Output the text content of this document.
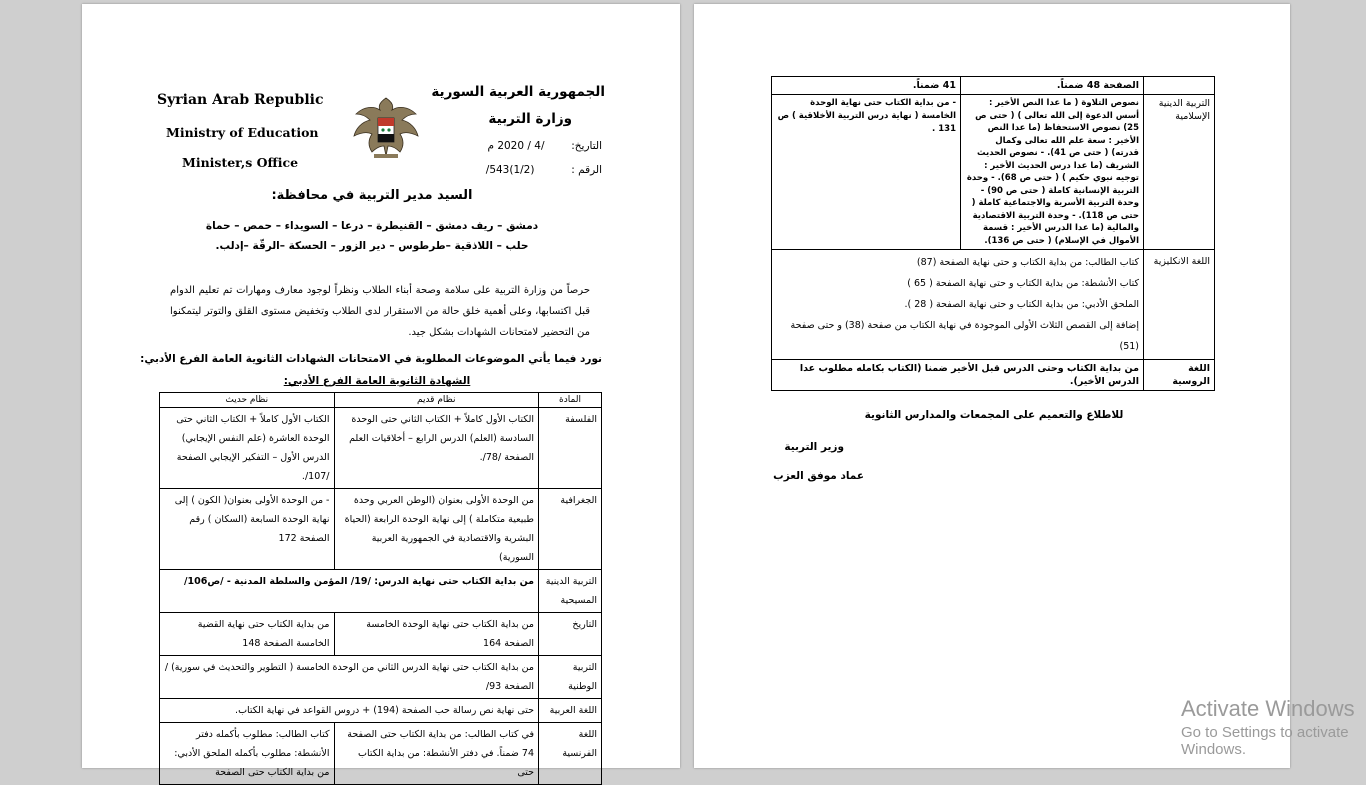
Syrian Arab Republic
Ministry of Education
Minister,s Office
الجمهورية العربية السورية
وزارة التربية
التاريخ:        /4 / 2020 م
الرقم :           (1/2)543/
السيد مدير التربية في محافظة:
دمشق – ريف دمشق – القنيطرة – درعا – السويداء – حمص – حماة
حلب – اللاذقية –طرطوس – دير الزور – الحسكة –الرقّة –إدلب.
حرصاً من وزارة التربية على سلامة وصحة أبناء الطلاب ونظراً لوجود معارف ومهارات تم تعليم الدوام قبل اكتسابها، وعلى أهمية خلق حالة من الاستقرار لدى الطلاب وتخفيض مستوى القلق والتوتر ليتمكنوا من التحضير لامتحانات الشهادات بشكل جيد.
نورد فيما يأتي الموضوعات المطلوبة في الامتحانات الشهادات الثانوية العامة الفرع الأدبي:
الشهادة الثانوية العامة الفرع الأدبي:
المادة	نظام قديم	نظام حديث
الفلسفة	الكتاب الأول كاملاً + الكتاب الثاني حتى الوحدة السادسة (العلم) الدرس الرابع – أخلاقيات العلم الصفحة /78/.	الكتاب الأول كاملاً + الكتاب الثاني حتى الوحدة العاشرة (علم النفس الإيجابي) الدرس الأول – التفكير الإيجابي الصفحة /107/.
الجغرافية	من الوحدة الأولى بعنوان (الوطن العربي وحدة طبيعية متكاملة ) إلى نهاية الوحدة الرابعة (الحياة البشرية والاقتصادية في الجمهورية العربية السورية)	- من الوحدة الأولى بعنوان( الكون ) إلى نهاية الوحدة السابعة (السكان ) رقم الصفحة 172
التربية الدينية المسيحية	من بداية الكتاب حتى نهاية الدرس: /19/ المؤمن والسلطة المدنية - /ص106/	
التاريخ	من بداية الكتاب حتى نهاية الوحدة الخامسة الصفحة 164	من بداية الكتاب حتى نهاية القضية الخامسة الصفحة 148
التربية الوطنية	من بداية الكتاب حتى نهاية الدرس الثاني من الوحدة الخامسة ( التطوير والتحديث في سورية) /الصفحة 93/	
اللغة العربية	حتى نهاية نص رسالة حب الصفحة (194) + دروس القواعد في نهاية الكتاب.	
اللغة الفرنسية	في كتاب الطالب: من بداية الكتاب حتى الصفحة 74 ضمناً. في دفتر الأنشطة: من بداية الكتاب حتى	كتاب الطالب: مطلوب بأكمله دفتر الأنشطة: مطلوب بأكمله الملحق الأدبي: من بداية الكتاب حتى الصفحة
	الصفحة 48 ضمناً.	41 ضمناً.
التربية الدينية الإسلامية	نصوص التلاوة ( ما عدا النص الأخير : أسس الدعوة إلى الله تعالى ) ( حتى ص 25) نصوص الاستحفاظ (ما عدا النص الأخير : سعة علم الله تعالى وكمال قدرته) ( حتى ص 41). - نصوص الحديث الشريف (ما عدا درس الحديث الأخير : توجيه نبوي حكيم ) ( حتى ص 68). - وحدة التربية الإنسانية كاملة ( حتى ص 90) - وحدة التربية الأسرية والاجتماعية كاملة ( حتى ص 118). - وحدة التربية الاقتصادية والمالية (ما عدا الدرس الأخير : قسمة الأموال في الإسلام) ( حتى ص 136).	- من بداية الكتاب حتى نهاية الوحدة الخامسة ( نهاية درس التربية الأخلاقية ) ص 131 .
اللغة الانكليزية	كتاب الطالب: من بداية الكتاب و حتى نهاية الصفحة (87)
كتاب الأنشطة: من بداية الكتاب و حتى نهاية الصفحة ( 65 )
الملحق الأدبي: من بداية الكتاب و حتى نهاية الصفحة ( 28 ).
إضافة إلى القصص الثلاث الأولى الموجودة في نهاية الكتاب من صفحة (38) و حتى صفحة (51)	

اللغة الروسية	من بداية الكتاب وحتى الدرس قبل الأخير ضمنا (الكتاب بكامله مطلوب عدا الدرس الأخير).	
للاطلاع والتعميم على المجمعات والمدارس الثانوية
وزير التربية
عماد موفق العزب
Activate Windows
Go to Settings to activate Windows.
